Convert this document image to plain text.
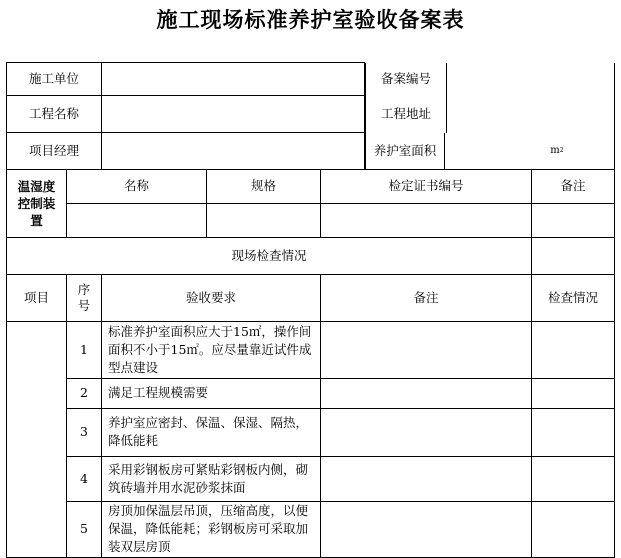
施工现场标准养护室验收备案表
施工单位					备案编号	

工程名称					工程地址	

项目经理					养护室面积 m 2	

温湿度控制装置	名称		规格	检定证书编号		备注

现场检查情况						
项目	序号	验收要求		备注		检查情况
	1	标准养护室面积应大于15㎡，操作间面积不小于15㎡。应尽量靠近试件成型点建设				
	2	满足工程规模需要				
	3	养护室应密封、保温、保湿、隔热，降低能耗				
	4	采用彩钢板房可紧贴彩钢板内侧，砌筑砖墙并用水泥砂浆抹面				
	5	房顶加保温层吊顶，压缩高度，以便保温，降低能耗；彩钢板房可采取加装双层房顶				
